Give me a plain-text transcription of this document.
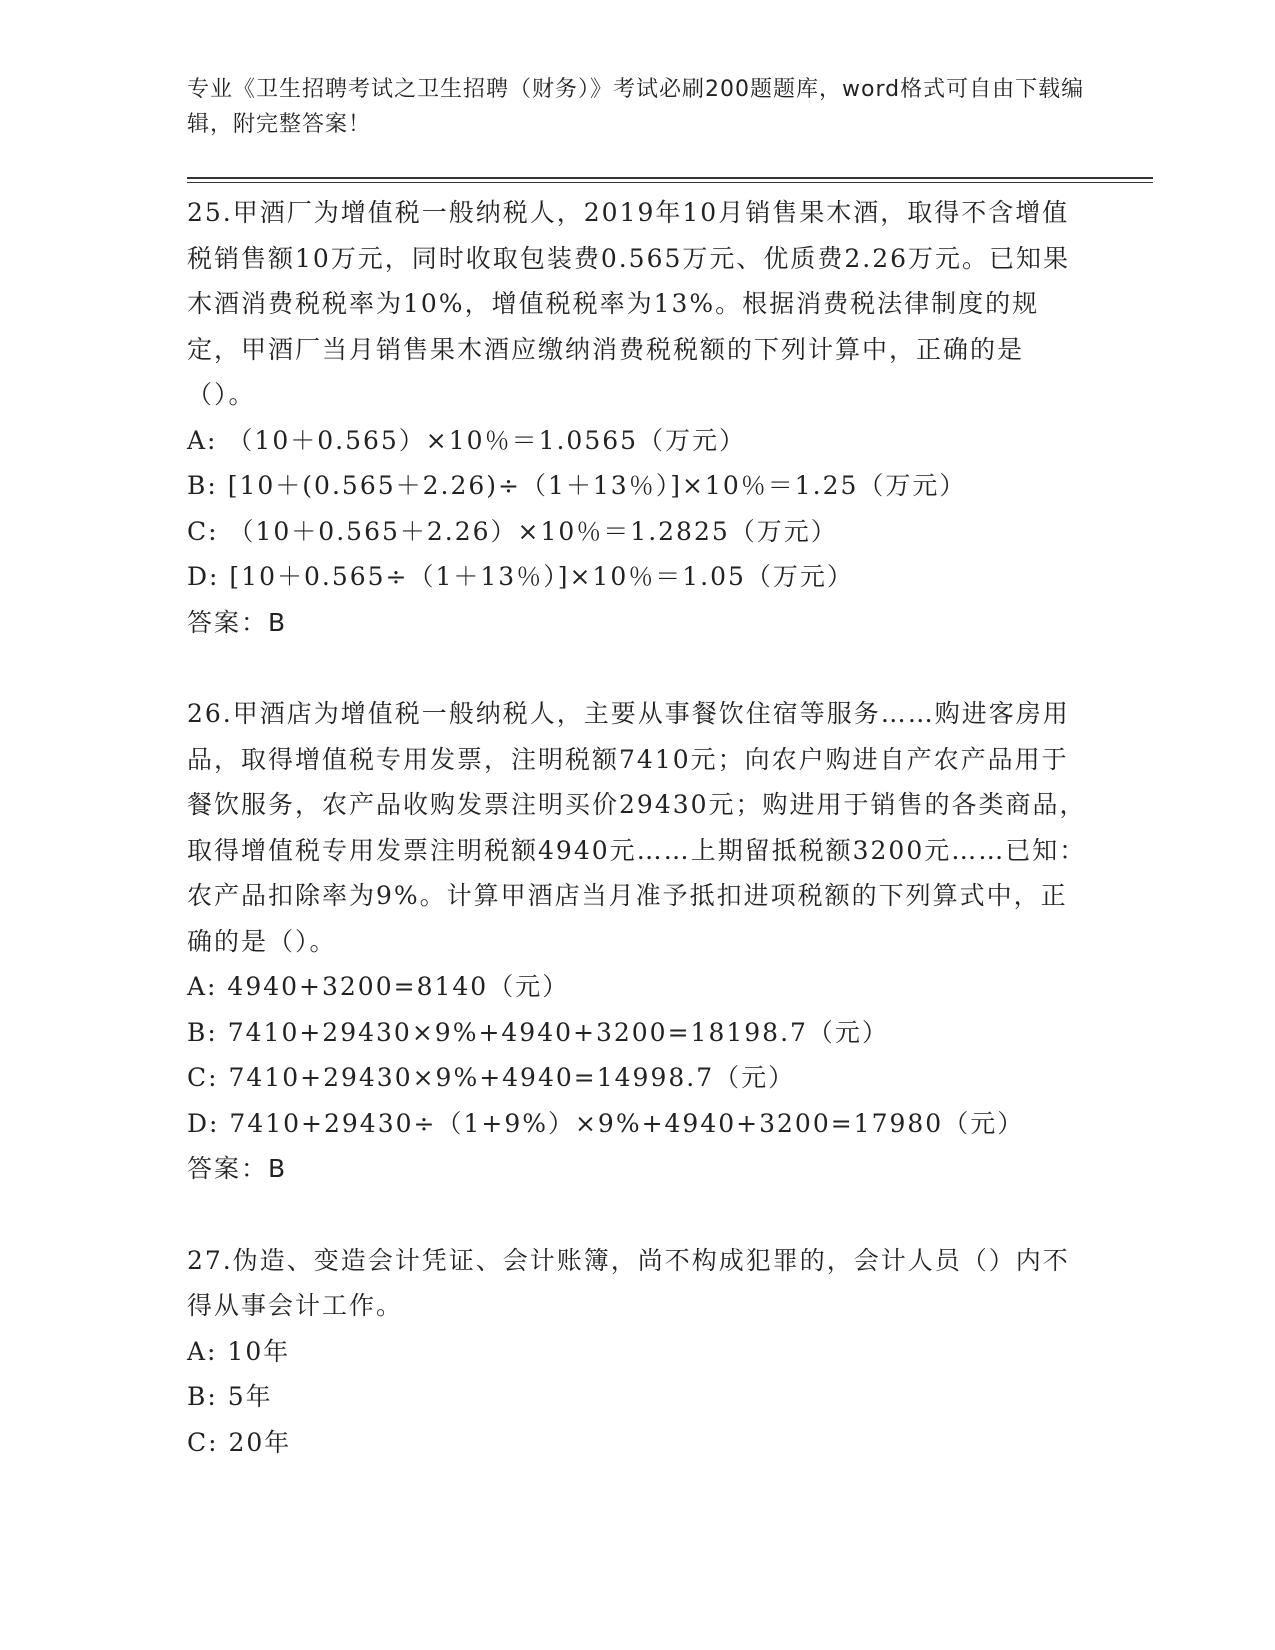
专业《卫生招聘考试之卫生招聘（财务）》考试必刷200题题库，word格式可自由下载编辑，附完整答案！

25.甲酒厂为增值税一般纳税人，2019年10月销售果木酒，取得不含增值税销售额10万元，同时收取包装费0.565万元、优质费2.26万元。已知果木酒消费税税率为10%，增值税税率为13%。根据消费税法律制度的规定，甲酒厂当月销售果木酒应缴纳消费税税额的下列计算中，正确的是（）。

A: （10＋0.565）×10％＝1.0565（万元）

B: [10＋(0.565＋2.26)÷（1＋13％）]×10％＝1.25（万元）

C: （10＋0.565＋2.26）×10％＝1.2825（万元）

D: [10＋0.565÷（1＋13％）]×10％＝1.05（万元）

答案：B

26.甲酒店为增值税一般纳税人，主要从事餐饮住宿等服务……购进客房用品，取得增值税专用发票，注明税额7410元；向农户购进自产农产品用于餐饮服务，农产品收购发票注明买价29430元；购进用于销售的各类商品，取得增值税专用发票注明税额4940元……上期留抵税额3200元……已知：农产品扣除率为9%。计算甲酒店当月准予抵扣进项税额的下列算式中，正确的是（）。

A: 4940+3200=8140（元）

B: 7410+29430×9%+4940+3200=18198.7（元）

C: 7410+29430×9%+4940=14998.7（元）

D: 7410+29430÷（1+9%）×9%+4940+3200=17980（元）

答案：B

27.伪造、变造会计凭证、会计账簿，尚不构成犯罪的，会计人员（）内不得从事会计工作。

A: 10年

B: 5年

C: 20年
